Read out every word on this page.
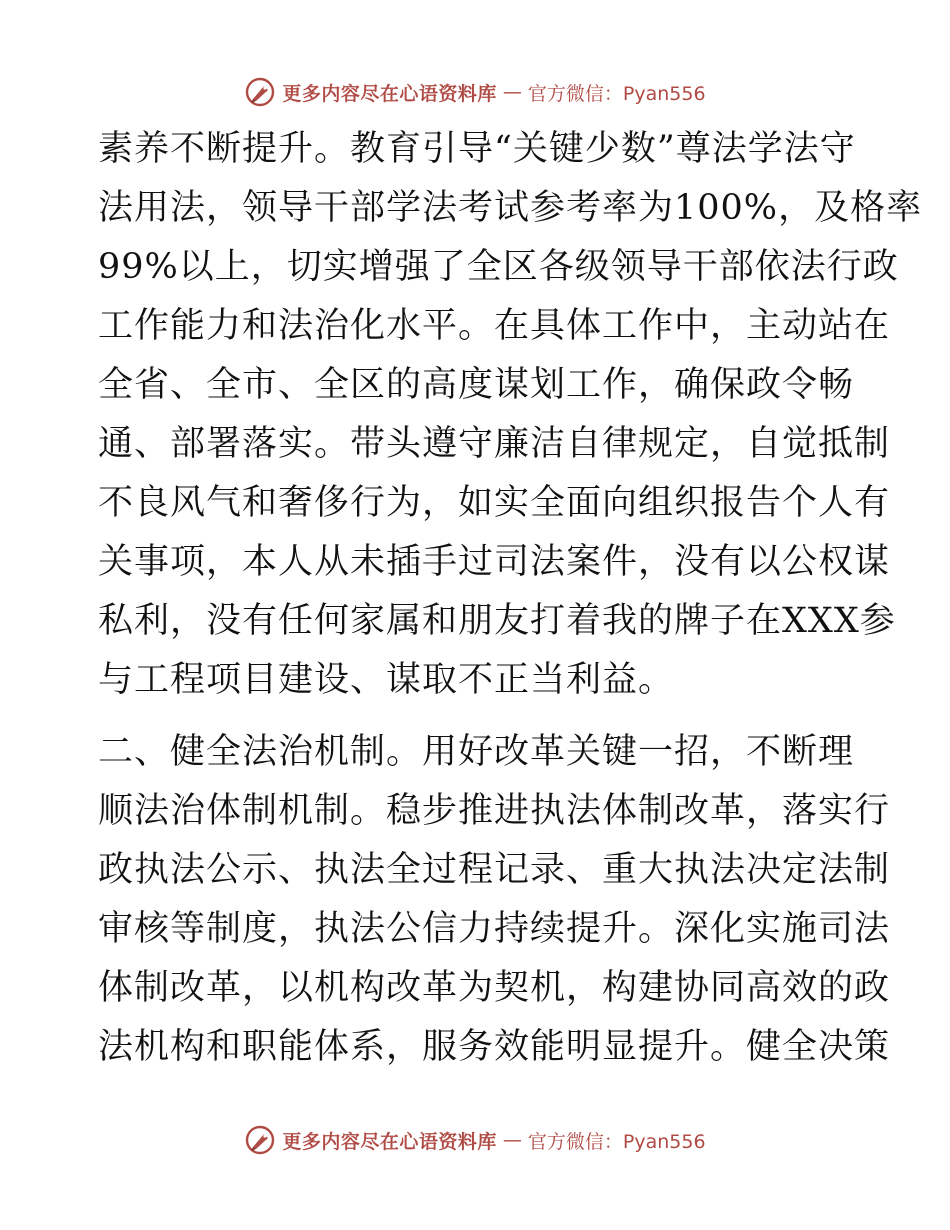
更多内容尽在心语资料库 — 官方微信：Pyan556
素养不断提升。教育引导“关键少数”尊法学法守
法用法，领导干部学法考试参考率为100%，及格率
99%以上，切实增强了全区各级领导干部依法行政
工作能力和法治化水平。在具体工作中，主动站在
全省、全市、全区的高度谋划工作，确保政令畅
通、部署落实。带头遵守廉洁自律规定，自觉抵制
不良风气和奢侈行为，如实全面向组织报告个人有
关事项，本人从未插手过司法案件，没有以公权谋
私利，没有任何家属和朋友打着我的牌子在XXX参
与工程项目建设、谋取不正当利益。
二、健全法治机制。用好改革关键一招，不断理
顺法治体制机制。稳步推进执法体制改革，落实行
政执法公示、执法全过程记录、重大执法决定法制
审核等制度，执法公信力持续提升。深化实施司法
体制改革，以机构改革为契机，构建协同高效的政
法机构和职能体系，服务效能明显提升。健全决策
更多内容尽在心语资料库 — 官方微信：Pyan556
